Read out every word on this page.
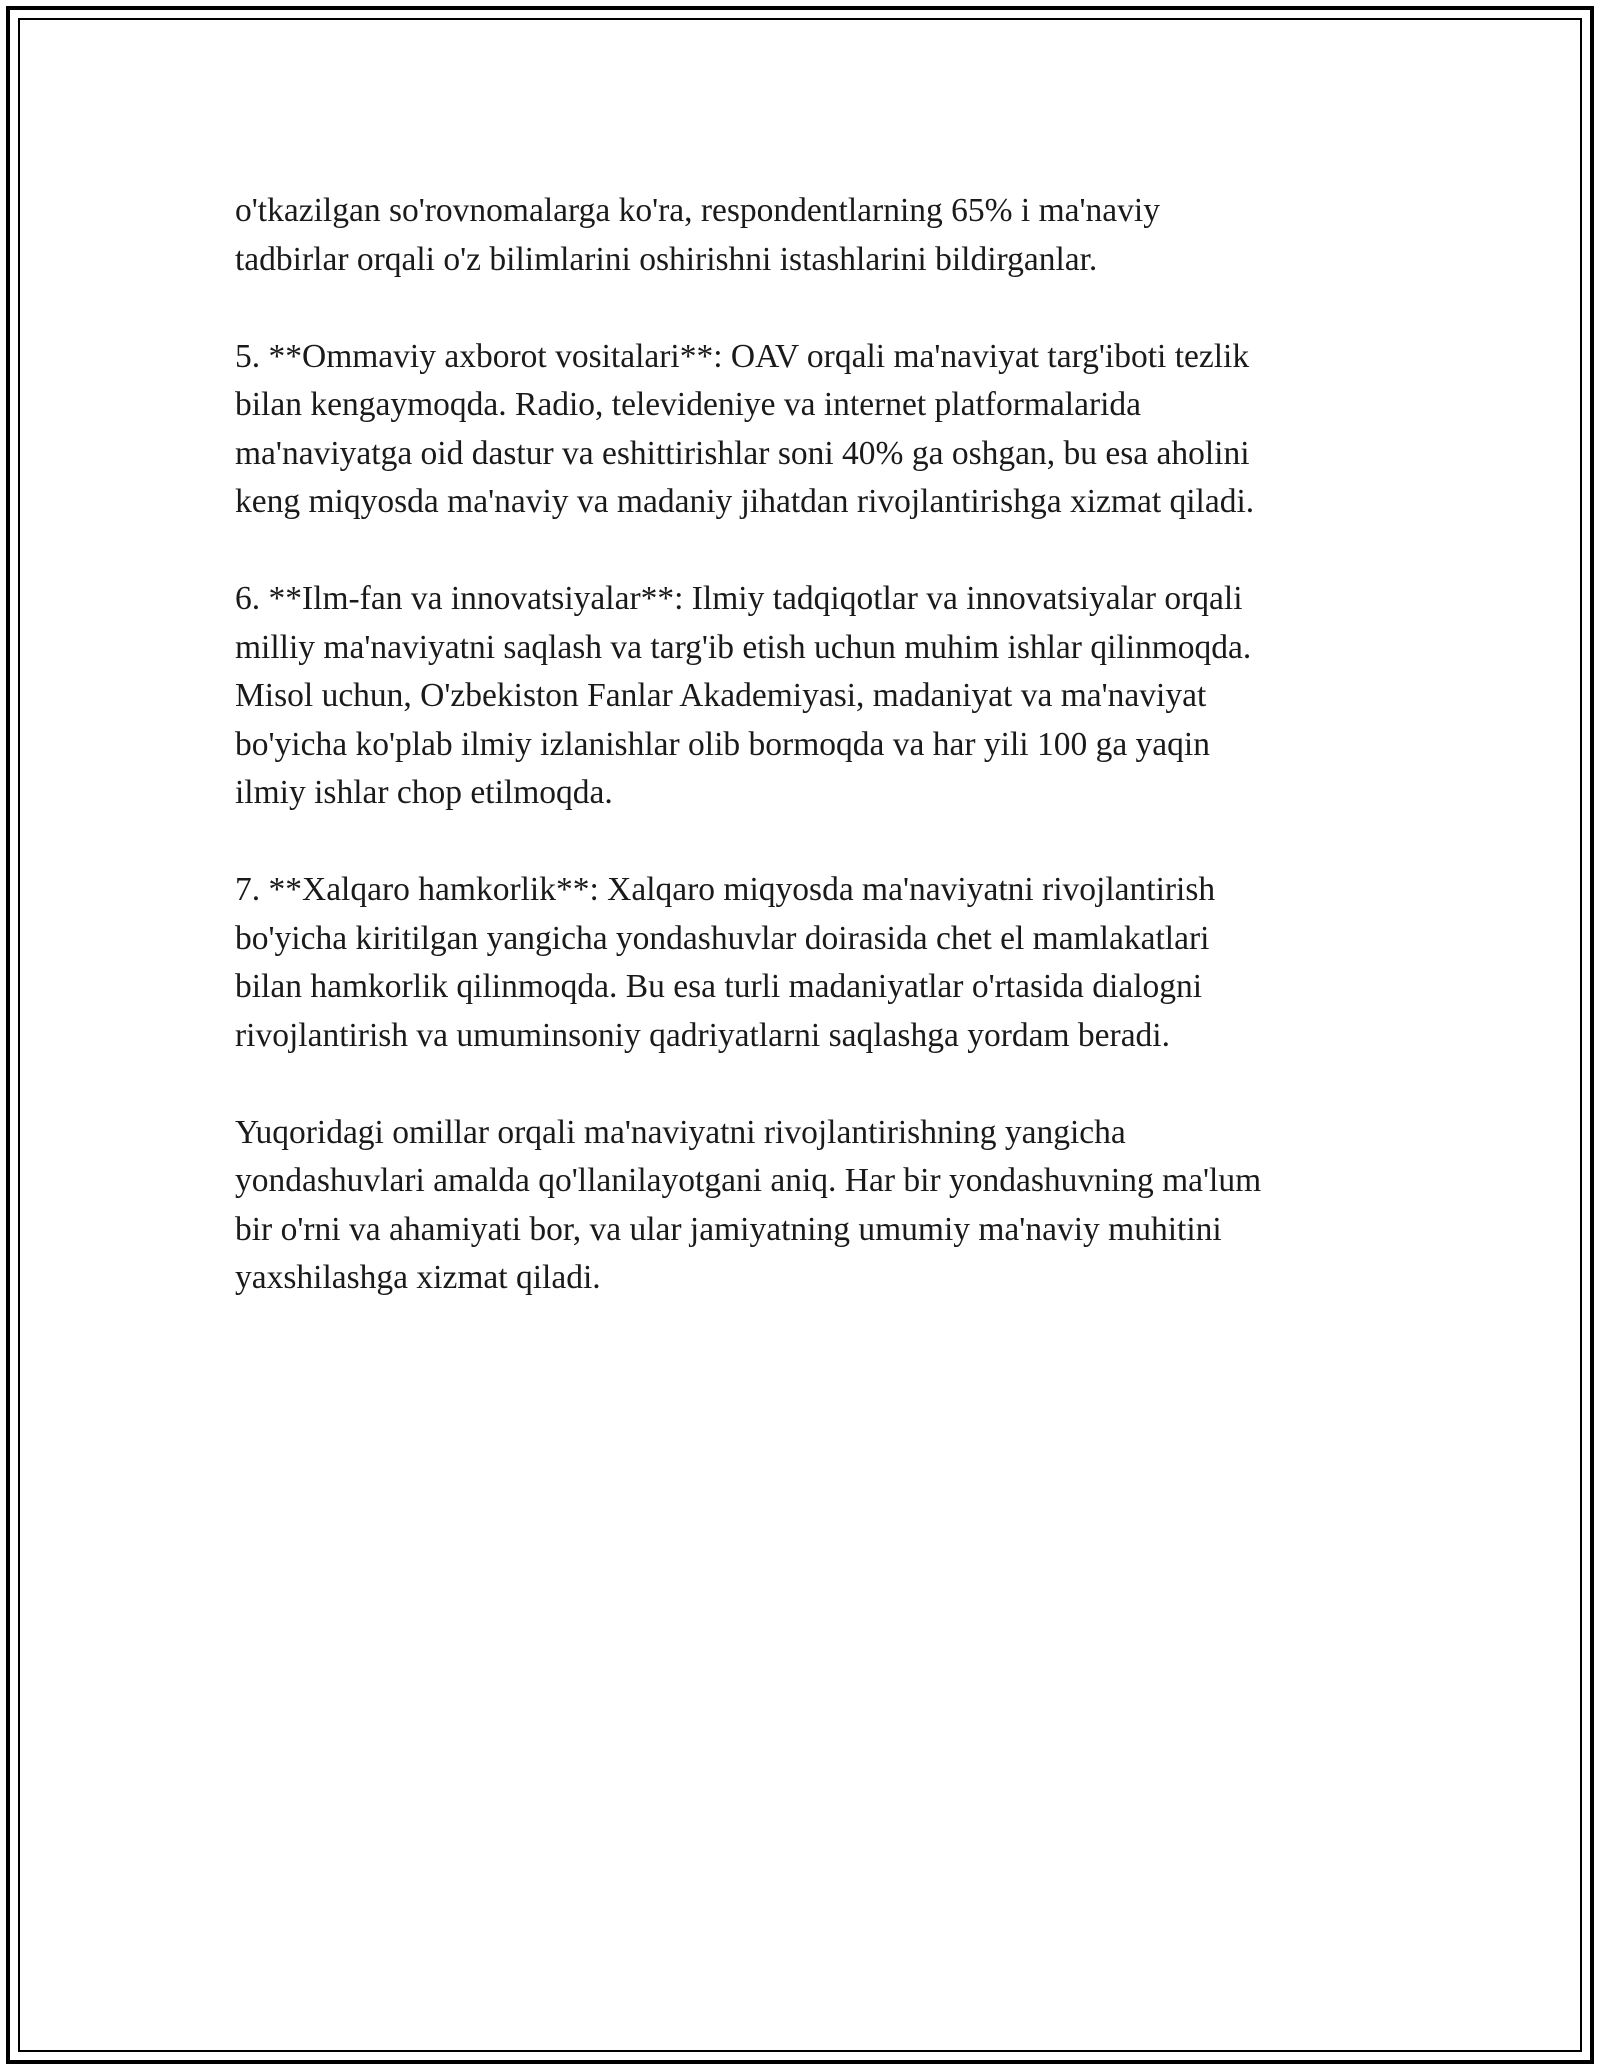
o'tkazilgan so'rovnomalarga ko'ra, respondentlarning 65% i ma'naviy
tadbirlar orqali o'z bilimlarini oshirishni istashlarini bildirganlar.

5. **Ommaviy axborot vositalari**: OAV orqali ma'naviyat targ'iboti tezlik
bilan kengaymoqda. Radio, televideniye va internet platformalarida
ma'naviyatga oid dastur va eshittirishlar soni 40% ga oshgan, bu esa aholini
keng miqyosda ma'naviy va madaniy jihatdan rivojlantirishga xizmat qiladi.

6. **Ilm-fan va innovatsiyalar**: Ilmiy tadqiqotlar va innovatsiyalar orqali
milliy ma'naviyatni saqlash va targ'ib etish uchun muhim ishlar qilinmoqda.
Misol uchun, O'zbekiston Fanlar Akademiyasi, madaniyat va ma'naviyat
bo'yicha ko'plab ilmiy izlanishlar olib bormoqda va har yili 100 ga yaqin
ilmiy ishlar chop etilmoqda.

7. **Xalqaro hamkorlik**: Xalqaro miqyosda ma'naviyatni rivojlantirish
bo'yicha kiritilgan yangicha yondashuvlar doirasida chet el mamlakatlari
bilan hamkorlik qilinmoqda. Bu esa turli madaniyatlar o'rtasida dialogni
rivojlantirish va umuminsoniy qadriyatlarni saqlashga yordam beradi.

Yuqoridagi omillar orqali ma'naviyatni rivojlantirishning yangicha
yondashuvlari amalda qo'llanilayotgani aniq. Har bir yondashuvning ma'lum
bir o'rni va ahamiyati bor, va ular jamiyatning umumiy ma'naviy muhitini
yaxshilashga xizmat qiladi.
